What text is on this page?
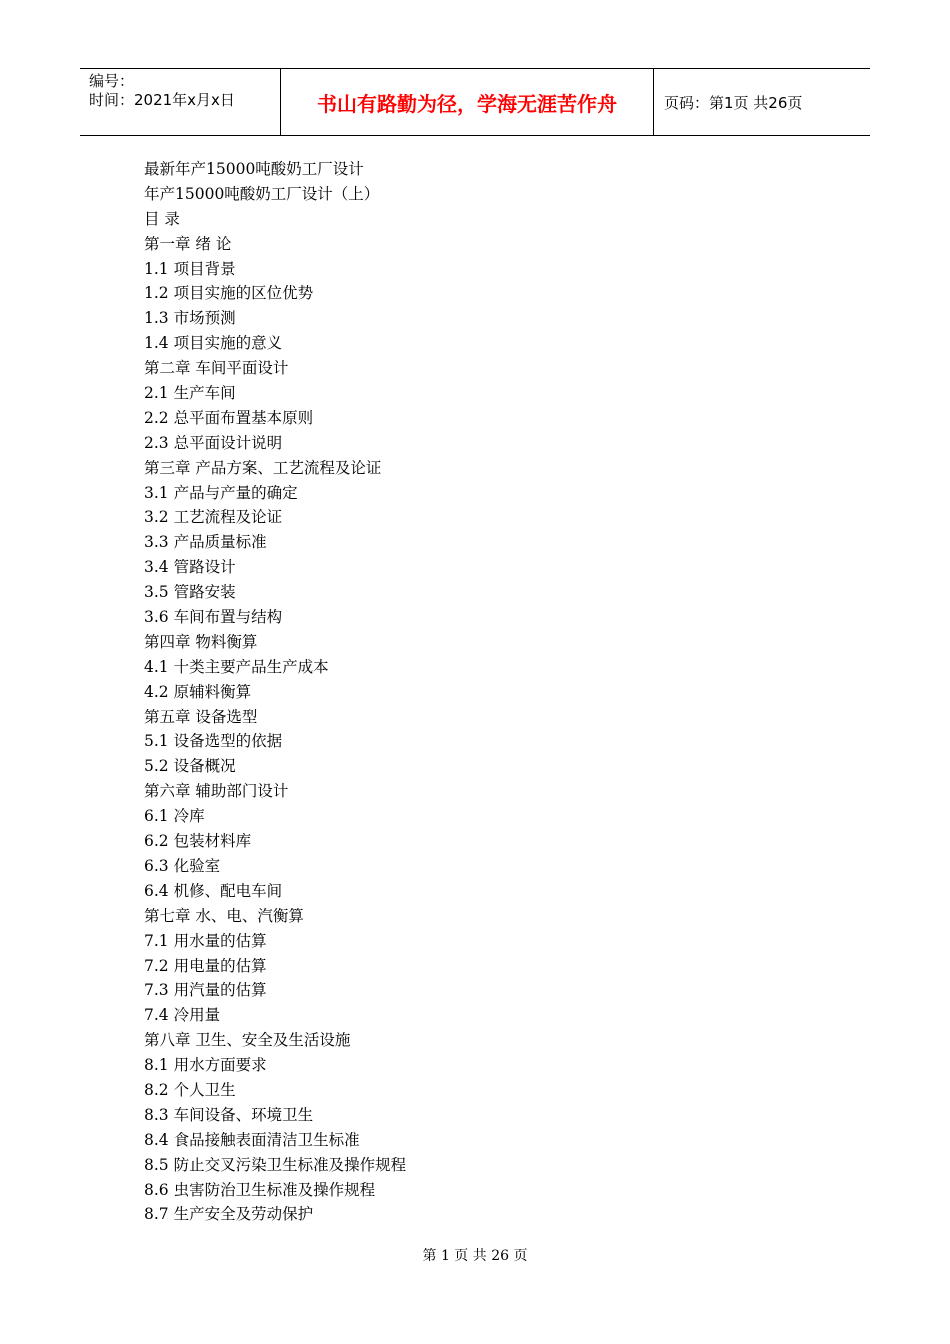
编号：
时间：2021年x月x日	书山有路勤为径，学海无涯苦作舟	页码：第1页 共26页
最新年产15000吨酸奶工厂设计
年产15000吨酸奶工厂设计（上）
目 录
第一章 绪 论
1.1 项目背景
1.2 项目实施的区位优势
1.3 市场预测
1.4 项目实施的意义
第二章 车间平面设计
2.1 生产车间
2.2 总平面布置基本原则
2.3 总平面设计说明
第三章 产品方案、工艺流程及论证
3.1 产品与产量的确定
3.2 工艺流程及论证
3.3 产品质量标准
3.4 管路设计
3.5 管路安装
3.6 车间布置与结构
第四章 物料衡算
4.1 十类主要产品生产成本
4.2 原辅料衡算
第五章 设备选型
5.1 设备选型的依据
5.2 设备概况
第六章 辅助部门设计
6.1 冷库
6.2 包装材料库
6.3 化验室
6.4 机修、配电车间
第七章 水、电、汽衡算
7.1 用水量的估算
7.2 用电量的估算
7.3 用汽量的估算
7.4 冷用量
第八章 卫生、安全及生活设施
8.1 用水方面要求
8.2 个人卫生
8.3 车间设备、环境卫生
8.4 食品接触表面清洁卫生标准
8.5 防止交叉污染卫生标准及操作规程
8.6 虫害防治卫生标准及操作规程
8.7 生产安全及劳动保护
第 1 页 共 26 页
